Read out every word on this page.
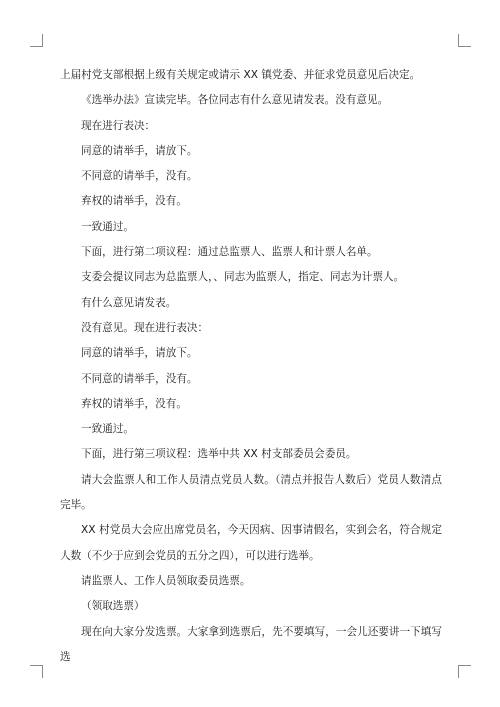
上届村党支部根据上级有关规定或请示 XX 镇党委、并征求党员意见后决定。

《选举办法》宣读完毕。各位同志有什么意见请发表。没有意见。

现在进行表决：

同意的请举手，请放下。

不同意的请举手，没有。

弃权的请举手，没有。

一致通过。

下面，进行第二项议程：通过总监票人、监票人和计票人名单。

支委会提议同志为总监票人，、同志为监票人，指定、同志为计票人。

有什么意见请发表。

没有意见。现在进行表决：

同意的请举手，请放下。

不同意的请举手，没有。

弃权的请举手，没有。

一致通过。

下面，进行第三项议程：选举中共 XX 村支部委员会委员。

请大会监票人和工作人员清点党员人数。（清点并报告人数后）党员人数清点完毕。

XX 村党员大会应出席党员名，今天因病、因事请假名，实到会名，符合规定人数（不少于应到会党员的五分之四），可以进行选举。

请监票人、工作人员领取委员选票。

（领取选票）

现在向大家分发选票。大家拿到选票后，先不要填写，一会儿还要讲一下填写选
